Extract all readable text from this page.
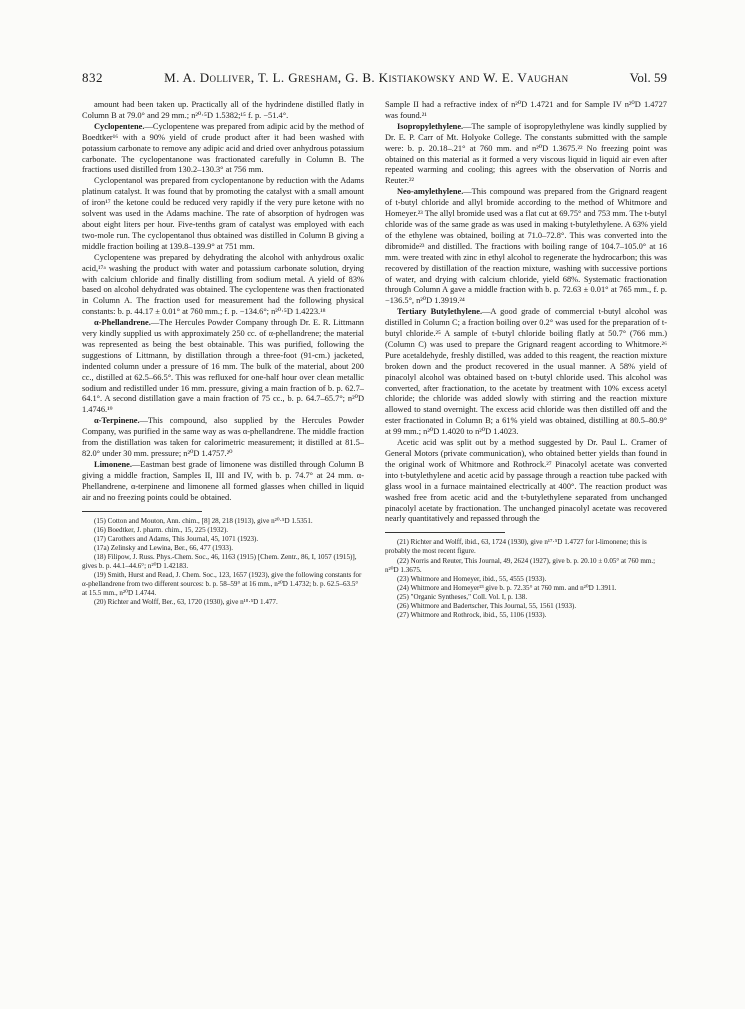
832	M. A. Dolliver, T. L. Gresham, G. B. Kistiakowsky and W. E. Vaughan	Vol. 59

amount had been taken up. Practically all of the hydrindene distilled flatly in Column B at 79.0° and 29 mm.; n²⁰·⁵D 1.5382;¹⁵ f. p. −51.4°.

Cyclopentene.—Cyclopentene was prepared from adipic acid by the method of Boedtker¹⁶ with a 90% yield of crude product after it had been washed with potassium carbonate to remove any adipic acid and dried over anhydrous potassium carbonate. The cyclopentanone was fractionated carefully in Column B. The fractions used distilled from 130.2–130.3° at 756 mm.

Cyclopentanol was prepared from cyclopentanone by reduction with the Adams platinum catalyst. It was found that by promoting the catalyst with a small amount of iron¹⁷ the ketone could be reduced very rapidly if the very pure ketone with no solvent was used in the Adams machine. The rate of absorption of hydrogen was about eight liters per hour. Five-tenths gram of catalyst was employed with each two-mole run. The cyclopentanol thus obtained was distilled in Column B giving a middle fraction boiling at 139.8–139.9° at 751 mm.

Cyclopentene was prepared by dehydrating the alcohol with anhydrous oxalic acid,¹⁷ᵃ washing the product with water and potassium carbonate solution, drying with calcium chloride and finally distilling from sodium metal. A yield of 83% based on alcohol dehydrated was obtained. The cyclopentene was then fractionated in Column A. The fraction used for measurement had the following physical constants: b. p. 44.17 ± 0.01° at 760 mm.; f. p. −134.6°; n²⁰·⁵D 1.4223.¹⁸

α-Phellandrene.—The Hercules Powder Company through Dr. E. R. Littmann very kindly supplied us with approximately 250 cc. of α-phellandrene; the material was represented as being the best obtainable. This was purified, following the suggestions of Littmann, by distillation through a three-foot (91-cm.) jacketed, indented column under a pressure of 16 mm. The bulk of the material, about 200 cc., distilled at 62.5–66.5°. This was refluxed for one-half hour over clean metallic sodium and redistilled under 16 mm. pressure, giving a main fraction of b. p. 62.7–64.1°. A second distillation gave a main fraction of 75 cc., b. p. 64.7–65.7°; n²⁰D 1.4746.¹⁹

α-Terpinene.—This compound, also supplied by the Hercules Powder Company, was purified in the same way as was α-phellandrene. The middle fraction from the distillation was taken for calorimetric measurement; it distilled at 81.5–82.0° under 30 mm. pressure; n²⁰D 1.4757.²⁰

Limonene.—Eastman best grade of limonene was distilled through Column B giving a middle fraction, Samples II, III and IV, with b. p. 74.7° at 24 mm. α-Phellandrene, α-terpinene and limonene all formed glasses when chilled in liquid air and no freezing points could be obtained.

(15) Cotton and Mouton, Ann. chim., [8] 28, 218 (1913), give n²⁰·⁵D 1.5351.

(16) Boedtker, J. pharm. chim., 15, 225 (1932).

(17) Carothers and Adams, This Journal, 45, 1071 (1923).

(17a) Zelinsky and Lewina, Ber., 66, 477 (1933).

(18) Filipow, J. Russ. Phys.-Chem. Soc., 46, 1163 (1915) [Chem. Zentr., 86, I, 1057 (1915)], gives b. p. 44.1–44.6°; n²⁰D 1.42183.

(19) Smith, Hurst and Read, J. Chem. Soc., 123, 1657 (1923), give the following constants for α-phellandrene from two different sources: b. p. 58–59° at 16 mm., n²⁰D 1.4732; b. p. 62.5–63.5° at 15.5 mm., n²⁰D 1.4744.

(20) Richter and Wolff, Ber., 63, 1720 (1930), give n¹⁸·⁵D 1.477.

Sample II had a refractive index of n²⁰D 1.4721 and for Sample IV n²⁰D 1.4727 was found.²¹

Isopropylethylene.—The sample of isopropylethylene was kindly supplied by Dr. E. P. Carr of Mt. Holyoke College. The constants submitted with the sample were: b. p. 20.18–.21° at 760 mm. and n²⁰D 1.3675.²² No freezing point was obtained on this material as it formed a very viscous liquid in liquid air even after repeated warming and cooling; this agrees with the observation of Norris and Reuter.²²

Neo-amylethylene.—This compound was prepared from the Grignard reagent of t-butyl chloride and allyl bromide according to the method of Whitmore and Homeyer.²³ The allyl bromide used was a flat cut at 69.75° and 753 mm. The t-butyl chloride was of the same grade as was used in making t-butylethylene. A 63% yield of the ethylene was obtained, boiling at 71.0–72.8°. This was converted into the dibromide²³ and distilled. The fractions with boiling range of 104.7–105.0° at 16 mm. were treated with zinc in ethyl alcohol to regenerate the hydrocarbon; this was recovered by distillation of the reaction mixture, washing with successive portions of water, and drying with calcium chloride, yield 68%. Systematic fractionation through Column A gave a middle fraction with b. p. 72.63 ± 0.01° at 765 mm., f. p. −136.5°, n²⁰D 1.3919.²⁴

Tertiary Butylethylene.—A good grade of commercial t-butyl alcohol was distilled in Column C; a fraction boiling over 0.2° was used for the preparation of t-butyl chloride.²⁵ A sample of t-butyl chloride boiling flatly at 50.7° (766 mm.) (Column C) was used to prepare the Grignard reagent according to Whitmore.²⁶ Pure acetaldehyde, freshly distilled, was added to this reagent, the reaction mixture broken down and the product recovered in the usual manner. A 58% yield of pinacolyl alcohol was obtained based on t-butyl chloride used. This alcohol was converted, after fractionation, to the acetate by treatment with 10% excess acetyl chloride; the chloride was added slowly with stirring and the reaction mixture allowed to stand overnight. The excess acid chloride was then distilled off and the ester fractionated in Column B; a 61% yield was obtained, distilling at 80.5–80.9° at 99 mm.; n²⁰D 1.4020 to n²⁰D 1.4023.

Acetic acid was split out by a method suggested by Dr. Paul L. Cramer of General Motors (private communication), who obtained better yields than found in the original work of Whitmore and Rothrock.²⁷ Pinacolyl acetate was converted into t-butylethylene and acetic acid by passage through a reaction tube packed with glass wool in a furnace maintained electrically at 400°. The reaction product was washed free from acetic acid and the t-butylethylene separated from unchanged pinacolyl acetate by fractionation. The unchanged pinacolyl acetate was recovered nearly quantitatively and repassed through the

(21) Richter and Wolff, ibid., 63, 1724 (1930), give n¹⁷·⁵D 1.4727 for l-limonene; this is probably the most recent figure.

(22) Norris and Reuter, This Journal, 49, 2624 (1927), give b. p. 20.10 ± 0.05° at 760 mm.; n²⁰D 1.3675.

(23) Whitmore and Homeyer, ibid., 55, 4555 (1933).

(24) Whitmore and Homeyer²³ give b. p. 72.35° at 760 mm. and n²⁰D 1.3911.

(25) "Organic Syntheses," Coll. Vol. I, p. 138.

(26) Whitmore and Badertscher, This Journal, 55, 1561 (1933).

(27) Whitmore and Rothrock, ibid., 55, 1106 (1933).
